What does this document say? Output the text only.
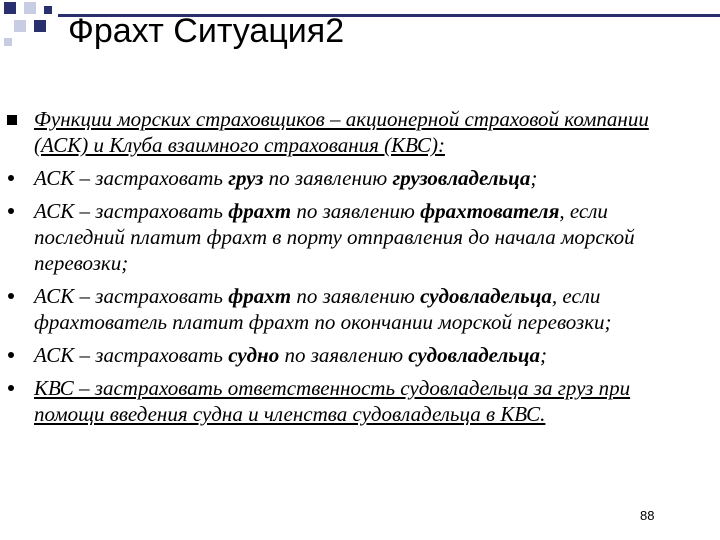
Фрахт Ситуация2
Функции морских страховщиков – акционерной страховой компании (АСК) и Клуба взаимного страхования (КВС):
АСК – застраховать груз по заявлению грузовладельца;
АСК – застраховать фрахт по заявлению фрахтователя, если последний платит фрахт в порту отправления до начала морской перевозки;
АСК – застраховать фрахт по заявлению судовладельца, если фрахтователь платит фрахт по окончании морской перевозки;
АСК – застраховать судно по заявлению судовладельца;
КВС – застраховать ответственность судовладельца за груз при помощи введения судна и членства судовладельца в КВС.
88
